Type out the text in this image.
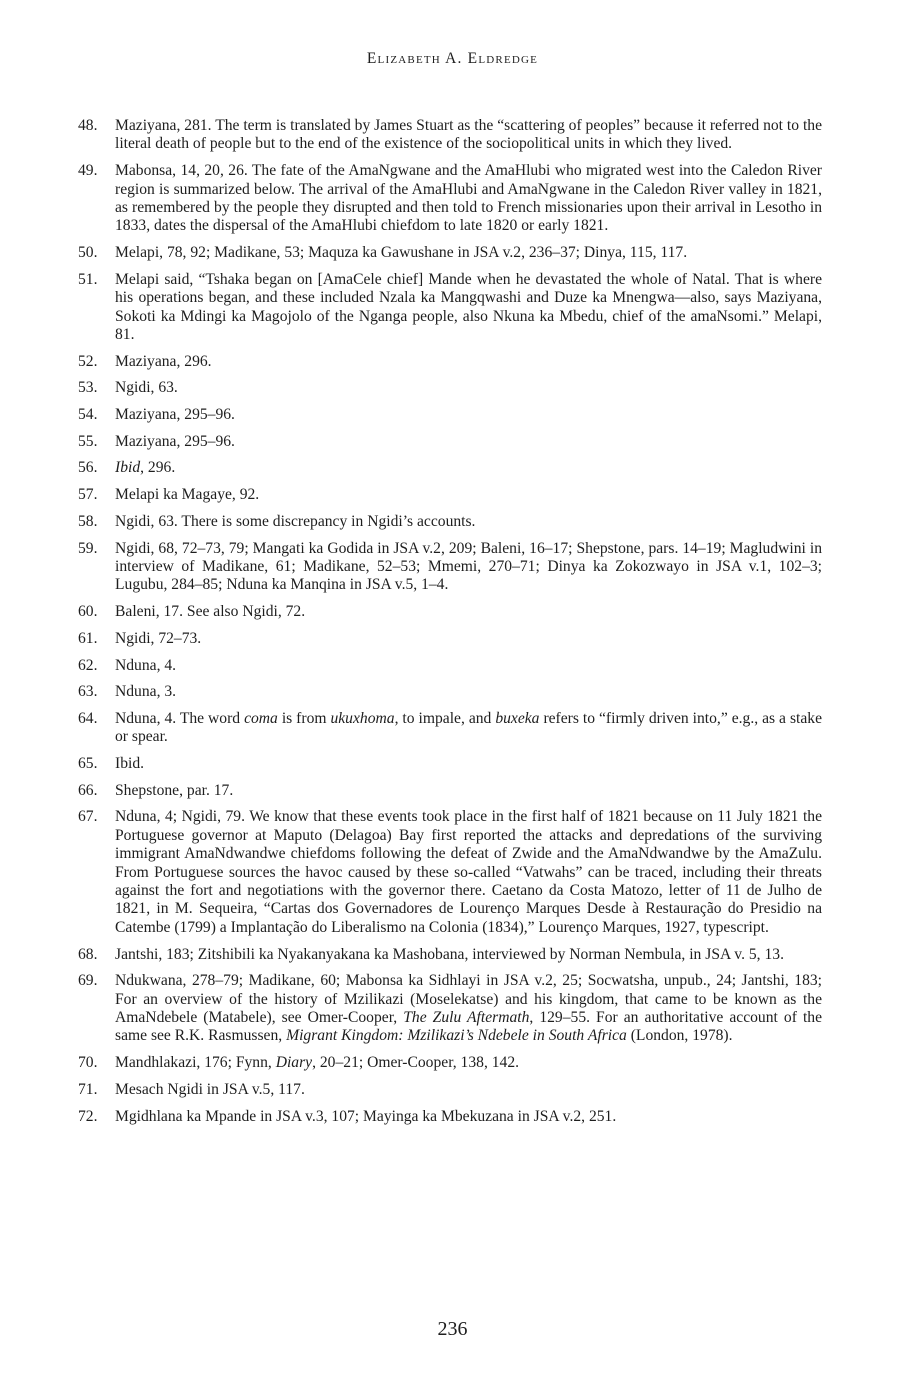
Elizabeth A. Eldredge
48. Maziyana, 281. The term is translated by James Stuart as the “scattering of peoples” because it referred not to the literal death of people but to the end of the existence of the sociopolitical units in which they lived.
49. Mabonsa, 14, 20, 26. The fate of the AmaNgwane and the AmaHlubi who migrated west into the Caledon River region is summarized below. The arrival of the AmaHlubi and AmaNgwane in the Caledon River valley in 1821, as remembered by the people they disrupted and then told to French missionaries upon their arrival in Lesotho in 1833, dates the dispersal of the AmaHlubi chiefdom to late 1820 or early 1821.
50. Melapi, 78, 92; Madikane, 53; Maquza ka Gawushane in JSA v.2, 236–37; Dinya, 115, 117.
51. Melapi said, “Tshaka began on [AmaCele chief] Mande when he devastated the whole of Natal. That is where his operations began, and these included Nzala ka Mangqwashi and Duze ka Mnengwa—also, says Maziyana, Sokoti ka Mdingi ka Magojolo of the Nganga people, also Nkuna ka Mbedu, chief of the amaNsomi.” Melapi, 81.
52. Maziyana, 296.
53. Ngidi, 63.
54. Maziyana, 295–96.
55. Maziyana, 295–96.
56. Ibid, 296.
57. Melapi ka Magaye, 92.
58. Ngidi, 63. There is some discrepancy in Ngidi’s accounts.
59. Ngidi, 68, 72–73, 79; Mangati ka Godida in JSA v.2, 209; Baleni, 16–17; Shepstone, pars. 14–19; Magludwini in interview of Madikane, 61; Madikane, 52–53; Mmemi, 270–71; Dinya ka Zokozwayo in JSA v.1, 102–3; Lugubu, 284–85; Nduna ka Manqina in JSA v.5, 1–4.
60. Baleni, 17. See also Ngidi, 72.
61. Ngidi, 72–73.
62. Nduna, 4.
63. Nduna, 3.
64. Nduna, 4. The word coma is from ukuxhoma, to impale, and buxeka refers to “firmly driven into,” e.g., as a stake or spear.
65. Ibid.
66. Shepstone, par. 17.
67. Nduna, 4; Ngidi, 79. We know that these events took place in the first half of 1821 because on 11 July 1821 the Portuguese governor at Maputo (Delagoa) Bay first reported the attacks and depredations of the surviving immigrant AmaNdwandwe chiefdoms following the defeat of Zwide and the AmaNdwandwe by the AmaZulu. From Portuguese sources the havoc caused by these so-called “Vatwahs” can be traced, including their threats against the fort and negotiations with the governor there. Caetano da Costa Matozo, letter of 11 de Julho de 1821, in M. Sequeira, “Cartas dos Governadores de Lourenço Marques Desde à Restauração do Presidio na Catembe (1799) a Implantação do Liberalismo na Colonia (1834),” Lourenço Marques, 1927, typescript.
68. Jantshi, 183; Zitshibili ka Nyakanyakana ka Mashobana, interviewed by Norman Nembula, in JSA v. 5, 13.
69. Ndukwana, 278–79; Madikane, 60; Mabonsa ka Sidhlayi in JSA v.2, 25; Socwatsha, unpub., 24; Jantshi, 183; For an overview of the history of Mzilikazi (Moselekatse) and his kingdom, that came to be known as the AmaNdebele (Matabele), see Omer-Cooper, The Zulu Aftermath, 129–55. For an authoritative account of the same see R.K. Rasmussen, Migrant Kingdom: Mzilikazi’s Ndebele in South Africa (London, 1978).
70. Mandhlakazi, 176; Fynn, Diary, 20–21; Omer-Cooper, 138, 142.
71. Mesach Ngidi in JSA v.5, 117.
72. Mgidhlana ka Mpande in JSA v.3, 107; Mayinga ka Mbekuzana in JSA v.2, 251.
236
